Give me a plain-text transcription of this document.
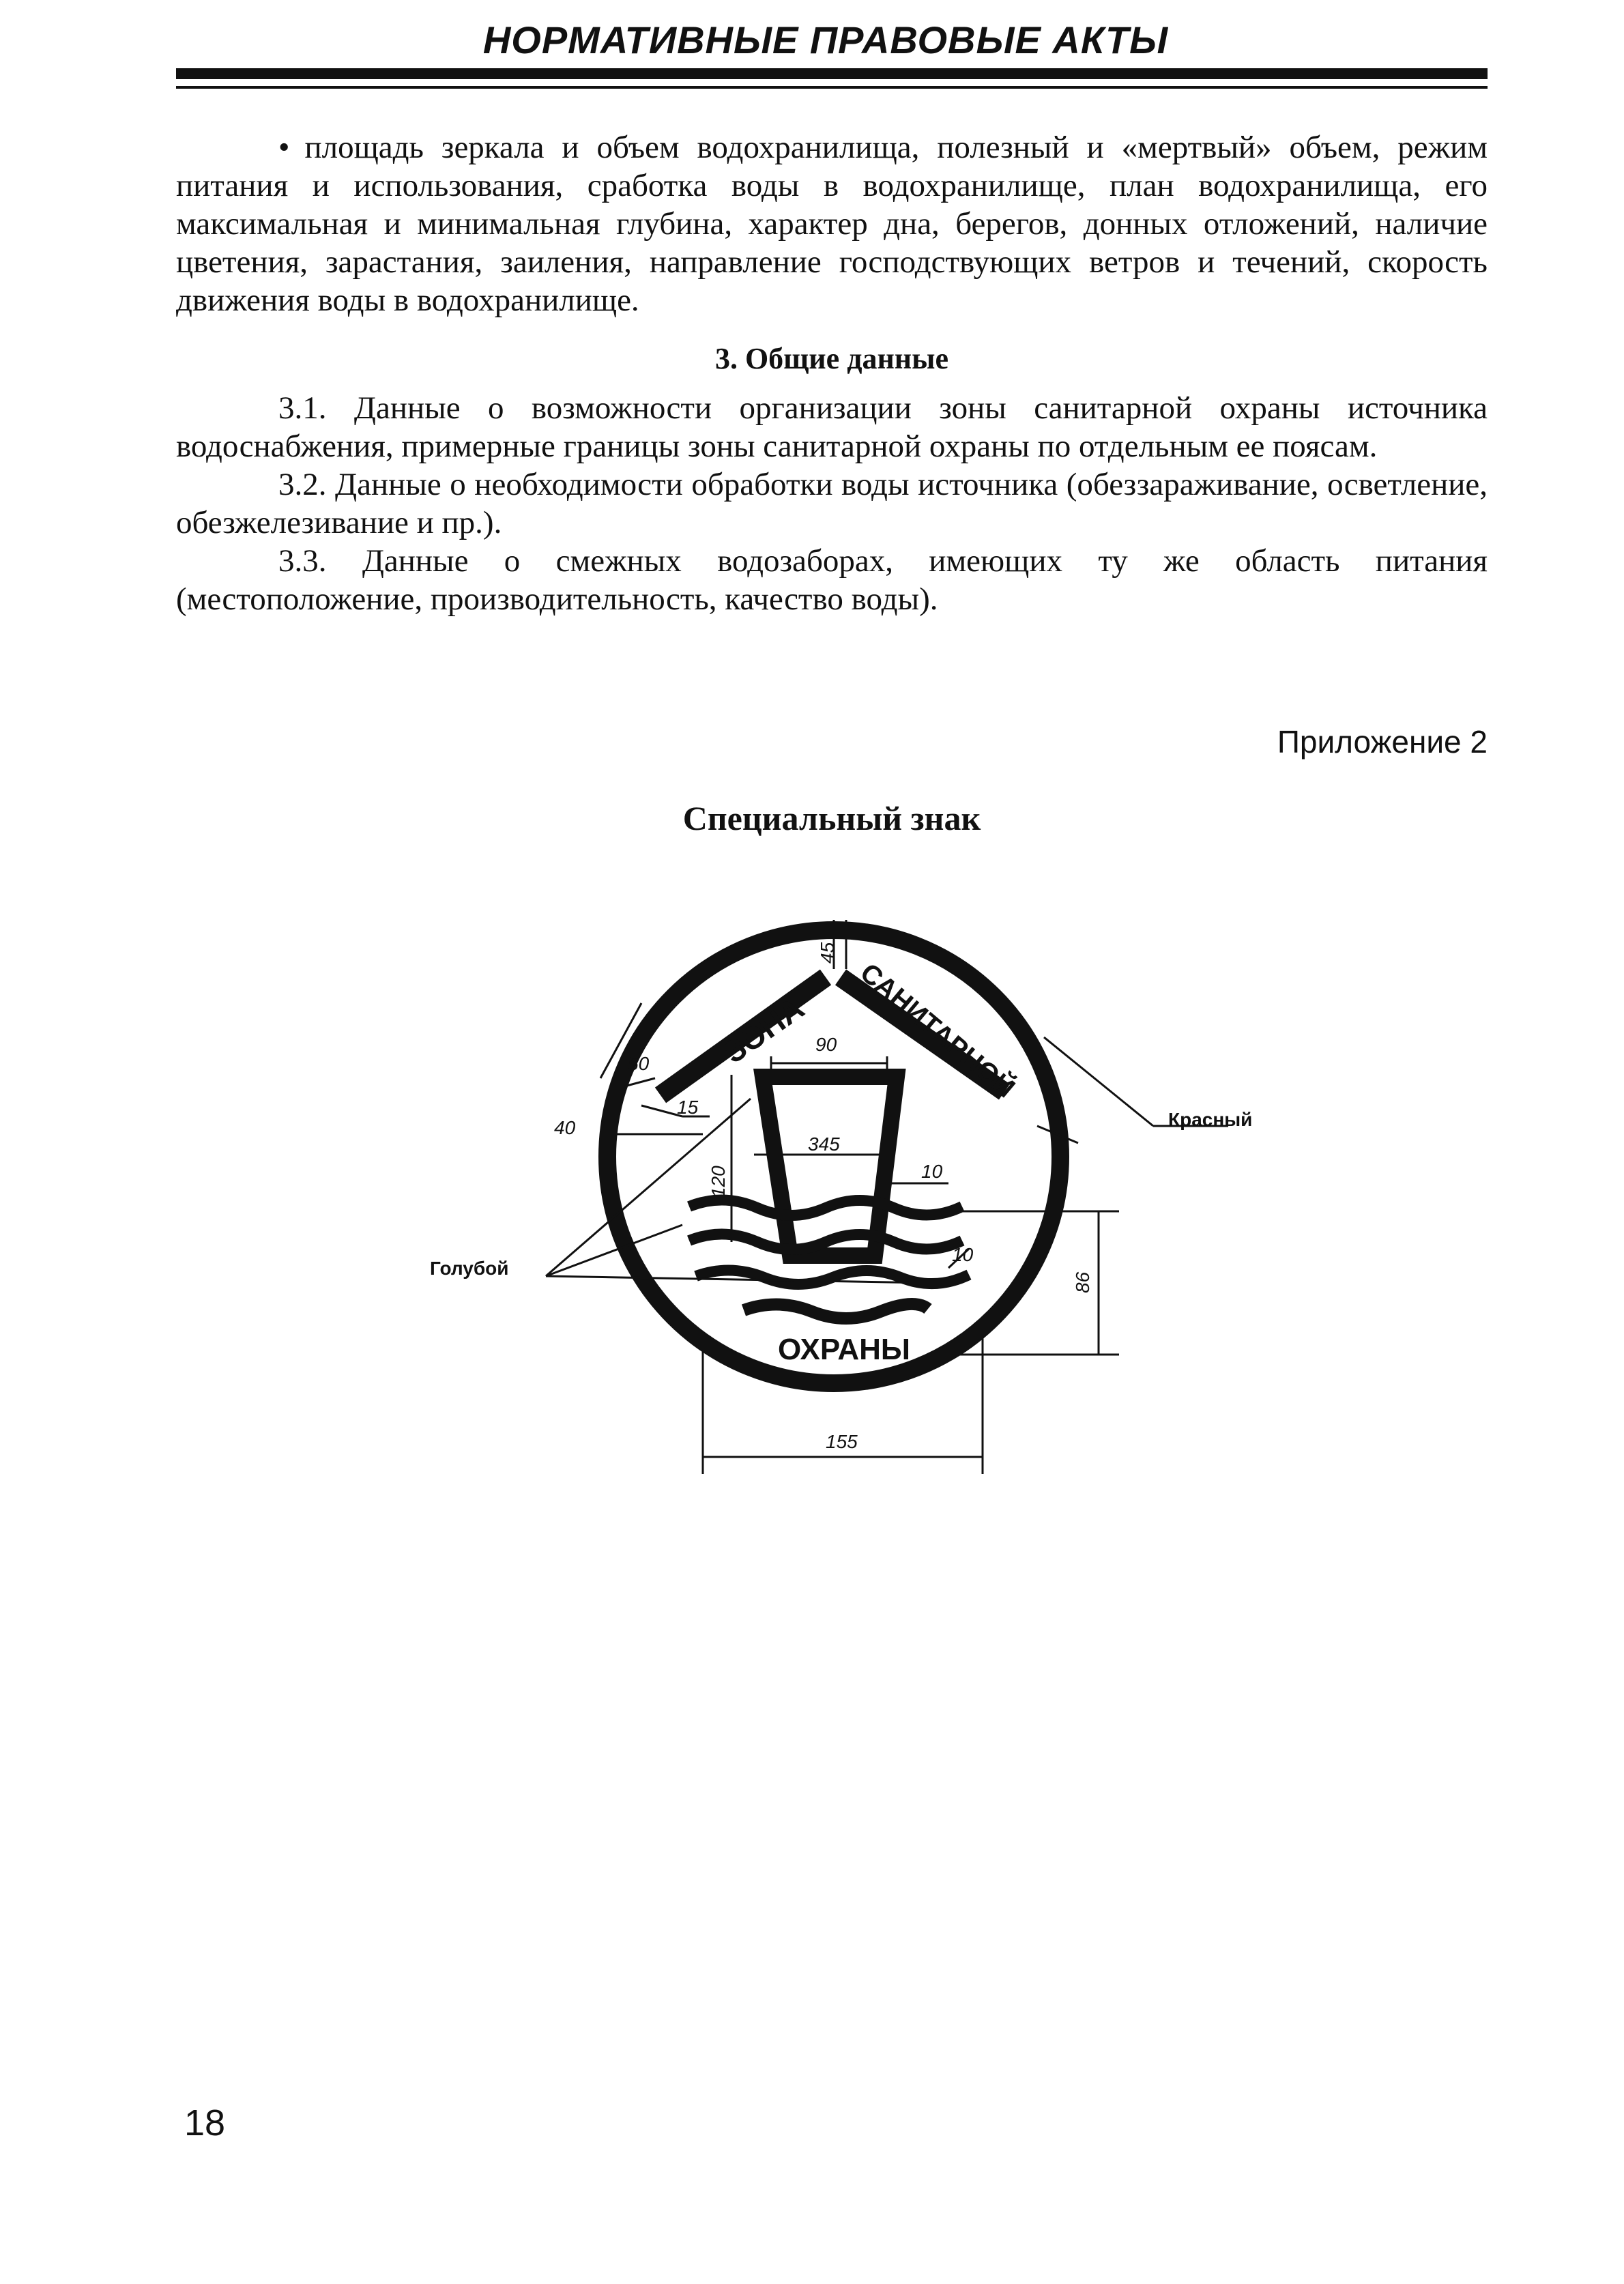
НОРМАТИВНЫЕ ПРАВОВЫЕ АКТЫ

• площадь зеркала и объем водохранилища, полезный и «мертвый» объем, режим питания и использования, сработка воды в водохранилище, план водохранилища, его максимальная и минимальная глубина, характер дна, берегов, донных отложений, наличие цветения, зарастания, заиления, направление господствующих ветров и течений, скорость движения воды в водохранилище.

3. Общие данные

3.1. Данные о возможности организации зоны санитарной охраны источника водоснабжения, примерные границы зоны санитарной охраны по отдельным ее поясам.

3.2. Данные о необходимости обработки воды источника (обеззараживание, осветление, обезжелезивание и пр.).

3.3. Данные о смежных водозаборах, имеющих ту же область питания (местоположение, производительность, качество воды).

Приложение 2
Специальный знак
ЗОНА САНИТАРНОЙ
ОХРАНЫ
Красный
Голубой
45
50
15
40
90
345
120	10
10
86
155
18
